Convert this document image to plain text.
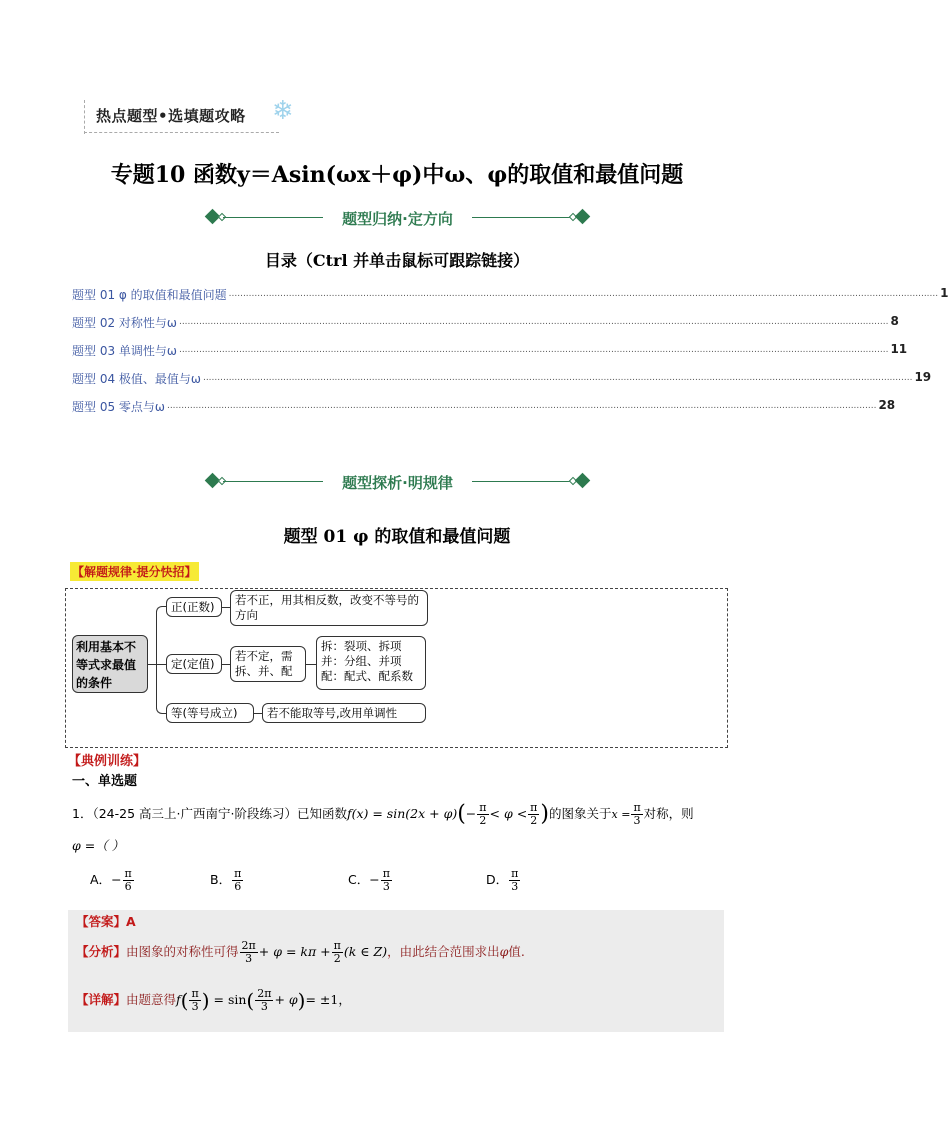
热点题型•选填题攻略 ❄
专题10 函数y＝Asin(ωx＋φ)中ω、φ的取值和最值问题
题型归纳·定方向
目录（Ctrl 并单击鼠标可跟踪链接）
题型 01 φ 的取值和最值问题 ........................................................................................................................................................................................................................................................ 1
题型 02 对称性与ω ........................................................................................................................................................................................................................................................ 8
题型 03 单调性与ω ........................................................................................................................................................................................................................................................ 11
题型 04 极值、最值与ω ........................................................................................................................................................................................................................................................ 19
题型 05 零点与ω ........................................................................................................................................................................................................................................................ 28
题型探析·明规律
题型 01 φ 的取值和最值问题
【解题规律·提分快招】
利用基本不等式求最值的条件
正(正数)	若不正，用其相反数，改变不等号的方向
定(定值)
若不定，需拆、并、配
拆：裂项、拆项
并：分组、并项
配：配式、配系数
等(等号成立)	若不能取等号,改用单调性
【典例训练】
一、单选题
1．（24-25 高三上·广西南宁·阶段练习）已知函数$f(x) = \sin(2x + \varphi)(- \frac{\pi}{2} < \varphi < \frac{\pi}{2}$ )的图象关于$x = \frac{\pi}{3}$ 对称，则
φ =（ ）
A．− $\frac{\pi}{6}$	B． $\frac{\pi}{6}$	C．− $\frac{\pi}{3}$	D． $\frac{\pi}{3}$
【答案】A
【分析】由图象的对称性可得 $\frac{2\pi}{3} + \varphi = k\pi + \frac{\pi}{2} (k$ ∈ Z)，由此结合范围求出φ值.
【详解】由题意得$f( \frac{\pi}{3}$ ) = $\sin( \frac{2\pi}{3} + \varphi)= \pm 1$，
